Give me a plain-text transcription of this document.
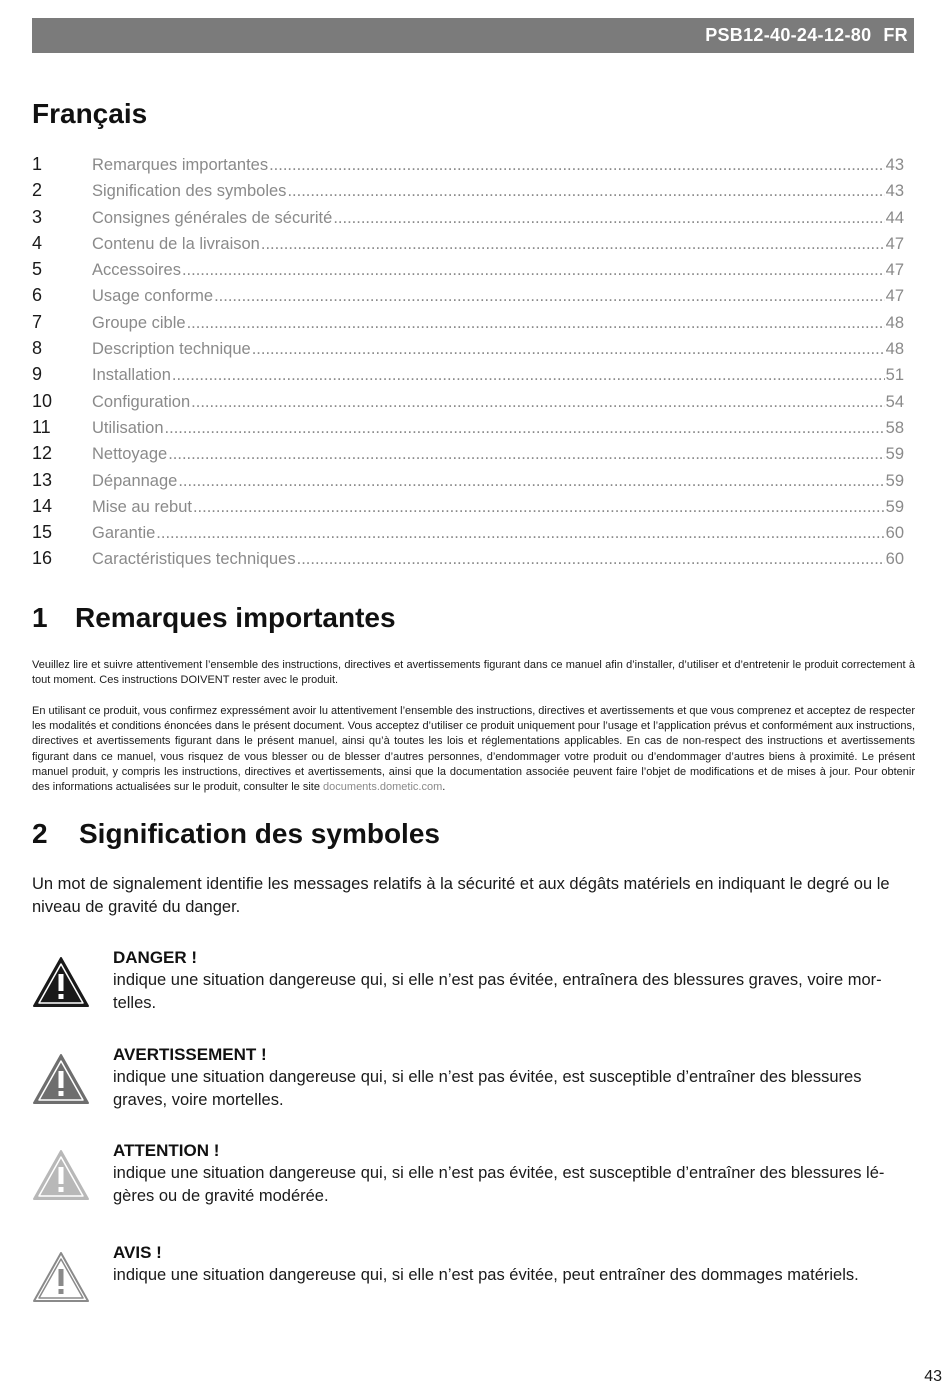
PSB12-40-24-12-80 FR
Français
1	Remarques importantes .....	43
2	Signification des symboles .....	43
3	Consignes générales de sécurité .....	44
4	Contenu de la livraison .....	47
5	Accessoires .....	47
6	Usage conforme .....	47
7	Groupe cible .....	48
8	Description technique .....	48
9	Installation .....	51
10	Configuration .....	54
11	Utilisation .....	58
12	Nettoyage .....	59
13	Dépannage .....	59
14	Mise au rebut .....	59
15	Garantie .....	60
16	Caractéristiques techniques .....	60
1 Remarques importantes

Veuillez lire et suivre attentivement l’ensemble des instructions, directives et avertissements figurant dans ce manuel afin d’installer, d’utiliser et d’entretenir le produit correctement à tout moment. Ces instructions DOIVENT rester avec le produit.

En utilisant ce produit, vous confirmez expressément avoir lu attentivement l’ensemble des instructions, directives et avertissements et que vous comprenez et acceptez de respecter les modalités et conditions énoncées dans le présent document. Vous acceptez d’utiliser ce produit uniquement pour l’usage et l’application prévus et conformément aux instructions, directives et avertissements figurant dans le présent manuel, ainsi qu’à toutes les lois et réglementations applicables. En cas de non-respect des instructions et avertissements figurant dans ce manuel, vous risquez de vous blesser ou de blesser d’autres personnes, d’endommager votre produit ou d’endommager d’autres biens à proximité. Le présent manuel produit, y compris les instructions, directives et avertissements, ainsi que la documentation associée peuvent faire l’objet de modifications et de mises à jour. Pour obtenir des informations actualisées sur le produit, consulter le site documents.dometic.com.

2	Signification des symboles

Un mot de signalement identifie les messages relatifs à la sécurité et aux dégâts matériels en indiquant le degré ou le niveau de gravité du danger.

DANGER !
indique une situation dangereuse qui, si elle n’est pas évitée, entraînera des blessures graves, voire mortelles.
AVERTISSEMENT !
indique une situation dangereuse qui, si elle n’est pas évitée, est susceptible d’entraîner des blessures graves, voire mortelles.
ATTENTION !
indique une situation dangereuse qui, si elle n’est pas évitée, est susceptible d’entraîner des blessures légères ou de gravité modérée.
AVIS !
indique une situation dangereuse qui, si elle n’est pas évitée, peut entraîner des dommages matériels.
43
